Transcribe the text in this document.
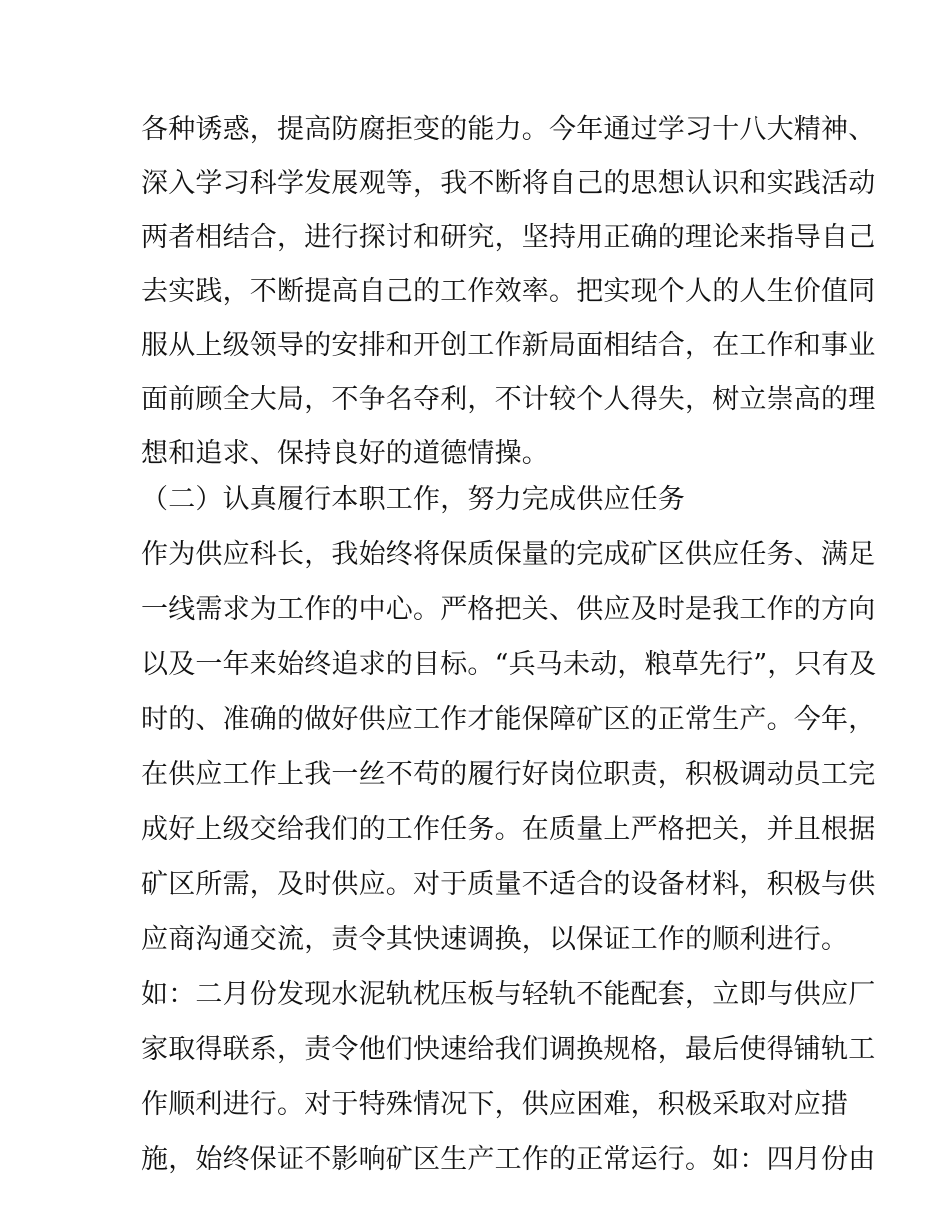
各种诱惑，提高防腐拒变的能力。今年通过学习十八大精神、
深入学习科学发展观等，我不断将自己的思想认识和实践活动
两者相结合，进行探讨和研究，坚持用正确的理论来指导自己
去实践，不断提高自己的工作效率。把实现个人的人生价值同
服从上级领导的安排和开创工作新局面相结合，在工作和事业
面前顾全大局，不争名夺利，不计较个人得失，树立崇高的理
想和追求、保持良好的道德情操。
（二）认真履行本职工作，努力完成供应任务
作为供应科长，我始终将保质保量的完成矿区供应任务、满足
一线需求为工作的中心。严格把关、供应及时是我工作的方向
以及一年来始终追求的目标。“兵马未动，粮草先行”，只有及
时的、准确的做好供应工作才能保障矿区的正常生产。今年，
在供应工作上我一丝不苟的履行好岗位职责，积极调动员工完
成好上级交给我们的工作任务。在质量上严格把关，并且根据
矿区所需，及时供应。对于质量不适合的设备材料，积极与供
应商沟通交流，责令其快速调换，以保证工作的顺利进行。
如：二月份发现水泥轨枕压板与轻轨不能配套，立即与供应厂
家取得联系，责令他们快速给我们调换规格，最后使得铺轨工
作顺利进行。对于特殊情况下，供应困难，积极采取对应措
施，始终保证不影响矿区生产工作的正常运行。如：四月份由
